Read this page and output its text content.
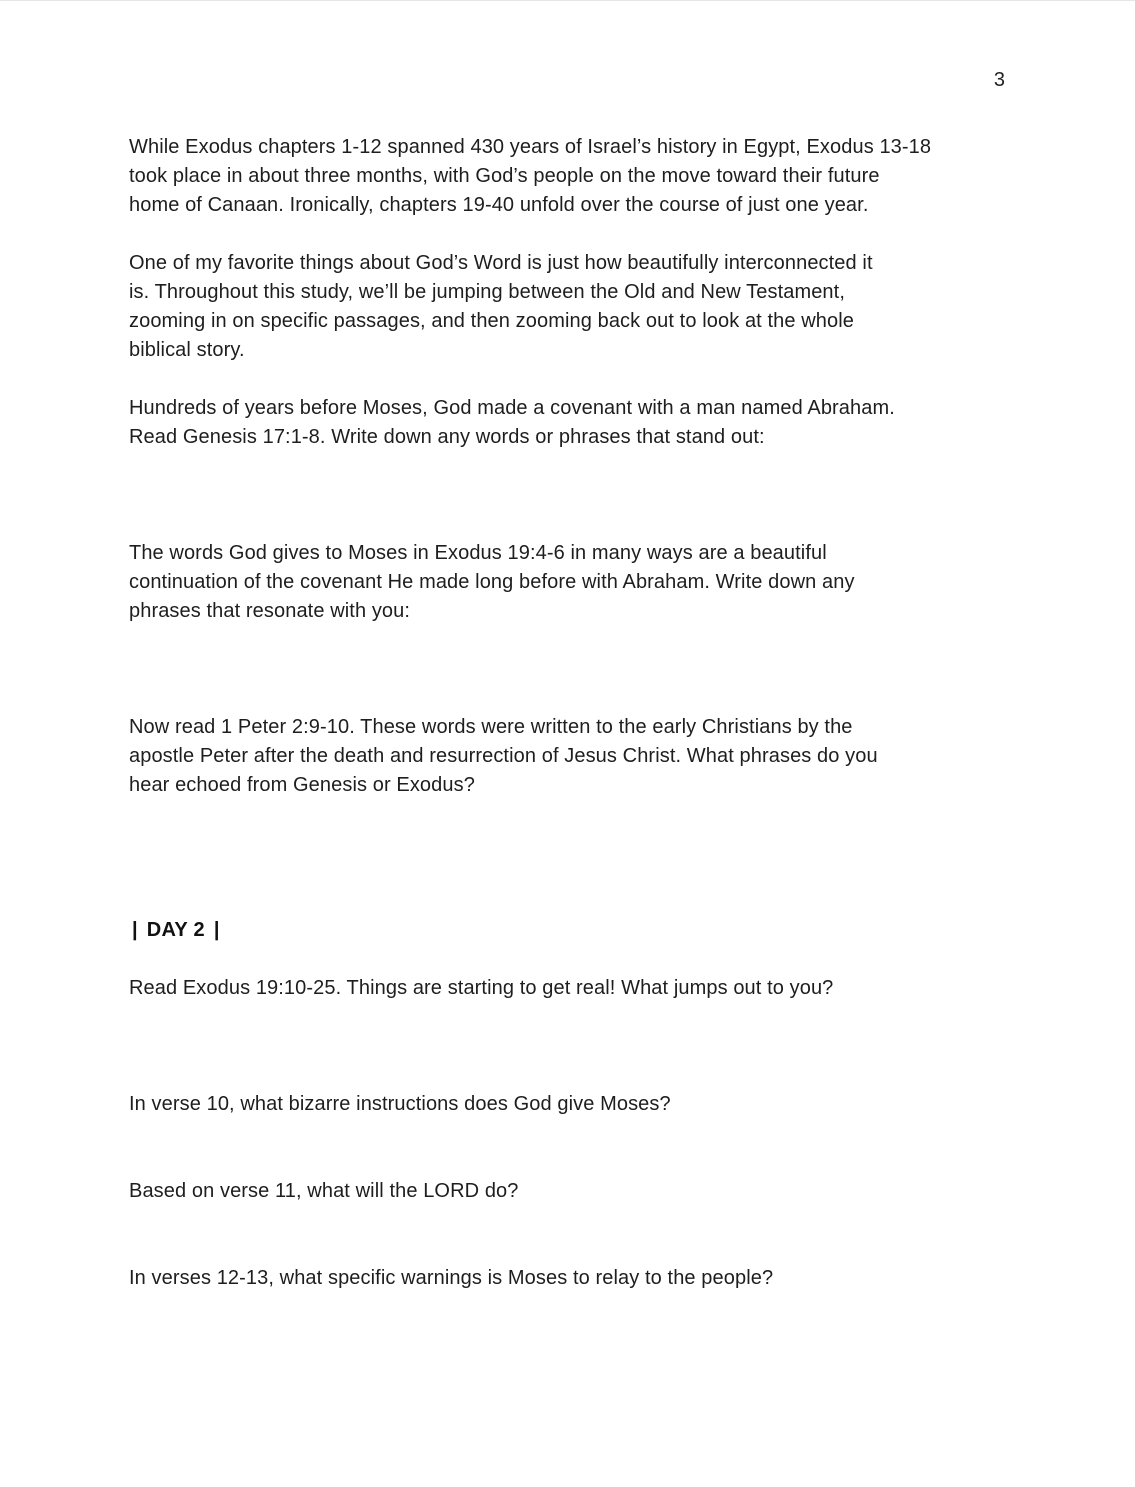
3

While Exodus chapters 1-12 spanned 430 years of Israel’s history in Egypt, Exodus 13-18
took place in about three months, with God’s people on the move toward their future
home of Canaan. Ironically, chapters 19-40 unfold over the course of just one year.

One of my favorite things about God’s Word is just how beautifully interconnected it
is. Throughout this study, we’ll be jumping between the Old and New Testament,
zooming in on specific passages, and then zooming back out to look at the whole
biblical story.

Hundreds of years before Moses, God made a covenant with a man named Abraham.
Read Genesis 17:1-8. Write down any words or phrases that stand out:

The words God gives to Moses in Exodus 19:4-6 in many ways are a beautiful
continuation of the covenant He made long before with Abraham. Write down any
phrases that resonate with you:

Now read 1 Peter 2:9-10. These words were written to the early Christians by the
apostle Peter after the death and resurrection of Jesus Christ. What phrases do you
hear echoed from Genesis or Exodus?

| DAY 2 |

Read Exodus 19:10-25. Things are starting to get real! What jumps out to you?

In verse 10, what bizarre instructions does God give Moses?

Based on verse 11, what will the LORD do?

In verses 12-13, what specific warnings is Moses to relay to the people?
